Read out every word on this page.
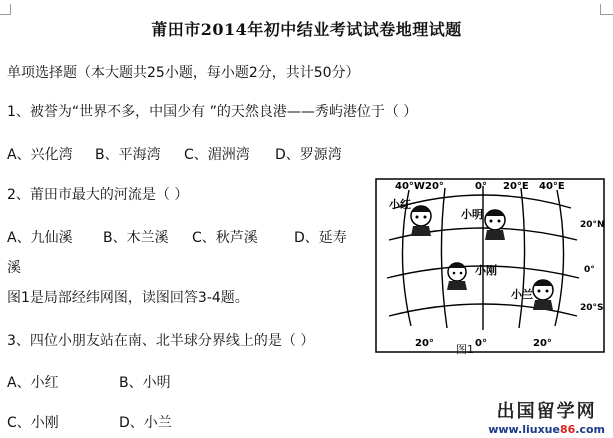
莆田市2014年初中结业考试试卷地理试题
单项选择题（本大题共25小题，每小题2分，共计50分）
1、被誉为“世界不多，中国少有 ”的天然良港——秀屿港位于（ ）
A、兴化湾 B、平海湾 C、湄洲湾 D、罗源湾
2、莆田市最大的河流是（ ）
A、九仙溪 B、木兰溪 C、秋芦溪	D、延寿
溪
图1是局部经纬网图，读图回答3-4题。
3、四位小朋友站在南、北半球分界线上的是（ ）
A、小红	B、小明
C、小刚	D、小兰
40°W 20°	0° 20°E 40°E
20°	0°	20°
20°N
0°
20°S
小红
小明
小刚
小兰
图1
出国留学网
www.liuxue86.com
